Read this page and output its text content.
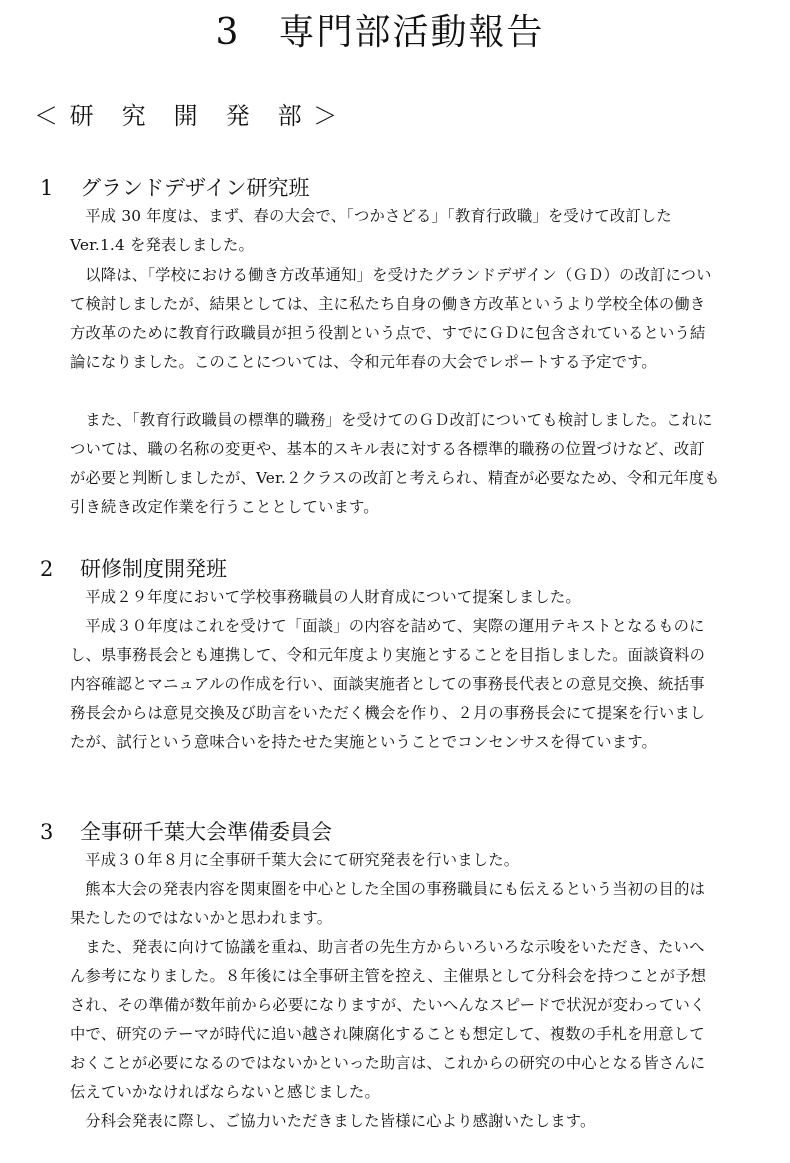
3　専門部活動報告
＜ 研　究　開　発　部 ＞
1 グランドデザイン研究班

平成 30 年度は、まず、春の大会で、「つかさどる」「教育行政職」を受けて改訂した Ver.1.4 を発表しました。

以降は、「学校における働き方改革通知」を受けたグランドデザイン（ＧＤ）の改訂について検討しましたが、結果としては、主に私たち自身の働き方改革というより学校全体の働き方改革のために教育行政職員が担う役割という点で、すでにＧＤに包含されているという結論になりました。このことについては、令和元年春の大会でレポートする予定です。

また、「教育行政職員の標準的職務」を受けてのＧＤ改訂についても検討しました。これについては、職の名称の変更や、基本的スキル表に対する各標準的職務の位置づけなど、改訂が必要と判断しましたが、Ver.２クラスの改訂と考えられ、精査が必要なため、令和元年度も引き続き改定作業を行うこととしています。

2 研修制度開発班

平成２９年度において学校事務職員の人財育成について提案しました。

平成３０年度はこれを受けて「面談」の内容を詰めて、実際の運用テキストとなるものにし、県事務長会とも連携して、令和元年度より実施とすることを目指しました。面談資料の内容確認とマニュアルの作成を行い、面談実施者としての事務長代表との意見交換、統括事務長会からは意見交換及び助言をいただく機会を作り、２月の事務長会にて提案を行いましたが、試行という意味合いを持たせた実施ということでコンセンサスを得ています。

3 全事研千葉大会準備委員会

平成３０年８月に全事研千葉大会にて研究発表を行いました。

熊本大会の発表内容を関東圏を中心とした全国の事務職員にも伝えるという当初の目的は果たしたのではないかと思われます。

また、発表に向けて協議を重ね、助言者の先生方からいろいろな示唆をいただき、たいへん参考になりました。８年後には全事研主管を控え、主催県として分科会を持つことが予想され、その準備が数年前から必要になりますが、たいへんなスピードで状況が変わっていく中で、研究のテーマが時代に追い越され陳腐化することも想定して、複数の手札を用意しておくことが必要になるのではないかといった助言は、これからの研究の中心となる皆さんに伝えていかなければならないと感じました。

分科会発表に際し、ご協力いただきました皆様に心より感謝いたします。
